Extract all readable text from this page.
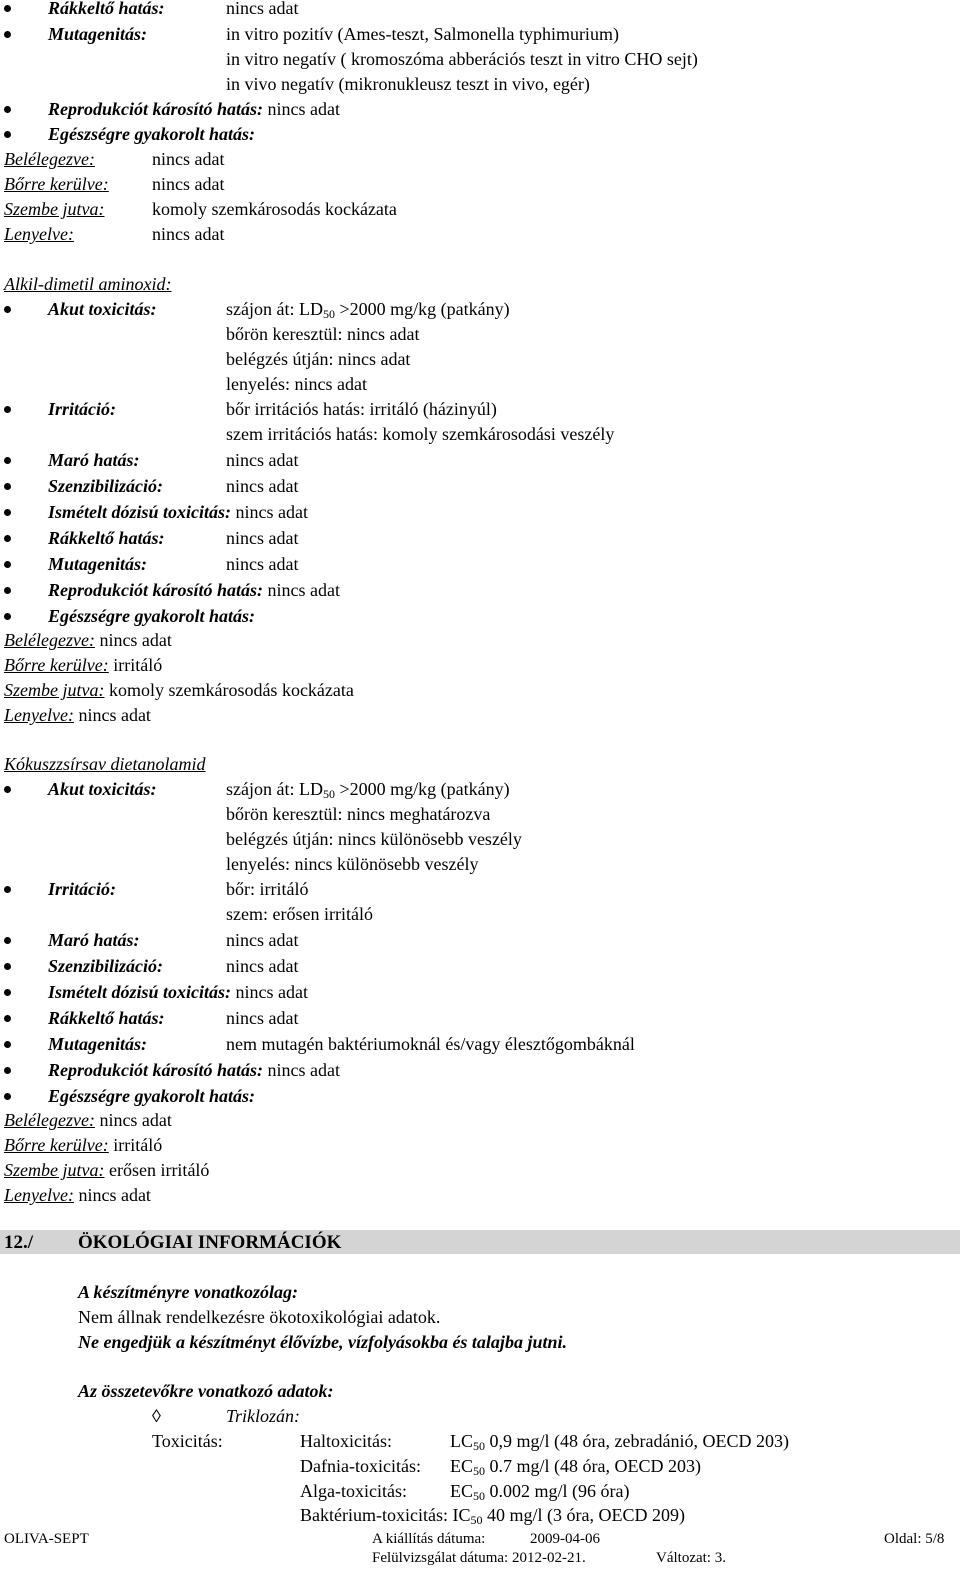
Rákkeltő hatás:	nincs adat
Mutagenitás:	in vitro pozitív (Ames-teszt, Salmonella typhimurium)
in vitro negatív ( kromoszóma abberációs teszt in vitro CHO sejt)
in vivo negatív (mikronukleusz teszt in vivo, egér)
Reprodukciót károsító hatás: nincs adat
Egészségre gyakorolt hatás:
Belélegezve:	nincs adat
Bőrre kerülve: nincs adat
Szembe jutva:	komoly szemkárosodás kockázata
Lenyelve:	nincs adat
Alkil-dimetil aminoxid:
Akut toxicitás:	szájon át: $LD_{50} >2000$ mg/kg (patkány)
bőrön keresztül: nincs adat
belégzés útján: nincs adat
lenyelés: nincs adat
Irritáció:	bőr irritációs hatás: irritáló (házinyúl)
szem irritációs hatás: komoly szemkárosodási veszély
Maró hatás:	nincs adat
Szenzibilizáció:	nincs adat
Ismételt dózisú toxicitás: nincs adat
Rákkeltő hatás:	nincs adat
Mutagenitás:	nincs adat
Reprodukciót károsító hatás: nincs adat
Egészségre gyakorolt hatás:
Belélegezve: nincs adat
Bőrre kerülve: irritáló
Szembe jutva: komoly szemkárosodás kockázata
Lenyelve: nincs adat
Kókuszzsírsav dietanolamid
Akut toxicitás:	szájon át: $LD_{50} >2000$ mg/kg (patkány)
bőrön keresztül: nincs meghatározva
belégzés útján: nincs különösebb veszély
lenyelés: nincs különösebb veszély
Irritáció:	bőr: irritáló
szem: erősen irritáló
Maró hatás:	nincs adat
Szenzibilizáció:	nincs adat
Ismételt dózisú toxicitás: nincs adat
Rákkeltő hatás:	nincs adat
Mutagenitás:	nem mutagén baktériumoknál és/vagy élesztőgombáknál
Reprodukciót károsító hatás: nincs adat
Egészségre gyakorolt hatás:
Belélegezve: nincs adat
Bőrre kerülve: irritáló
Szembe jutva: erősen irritáló
Lenyelve: nincs adat
12./ ÖKOLÓGIAI INFORMÁCIÓK
A készítményre vonatkozólag:
Nem állnak rendelkezésre ökotoxikológiai adatok.
Ne engedjük a készítményt élővízbe, vízfolyásokba és talajba jutni.
Az összetevőkre vonatkozó adatok:
◊	Triklozán:
Toxicitás:	Haltoxicitás:	$LC_{50}$ 0,9 mg/l (48 óra, zebradánió, OECD 203)
Dafnia-toxicitás: $EC_{50}$ 0.7 mg/l (48 óra, OECD 203)
Alga-toxicitás: $EC_{50}$ 0.002 mg/l (96 óra)
Baktérium-toxicitás: $IC_{50}$ 40 mg/l (3 óra, OECD 209)
OLIVA-SEPT	A kiállítás dátuma:	2009-04-06	Oldal: 5/8
Felülvizsgálat dátuma: 2012-02-21.	Változat: 3.
